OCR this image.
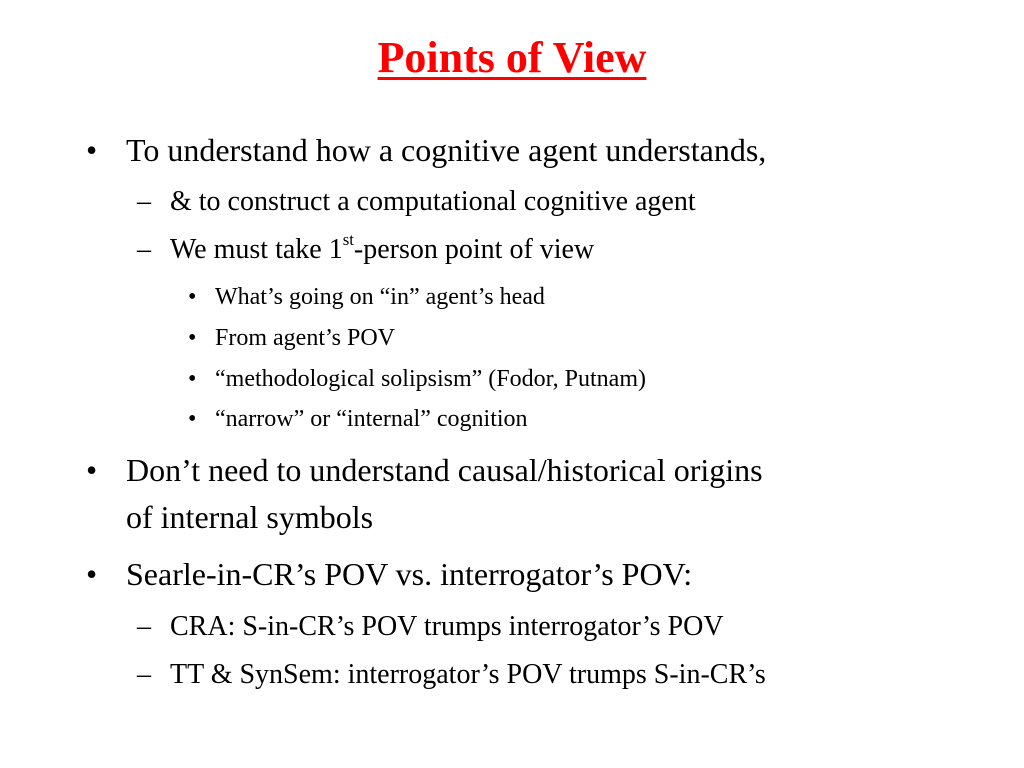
Points of View
• To understand how a cognitive agent understands,
– & to construct a computational cognitive agent
– We must take 1st-person point of view
• What’s going on “in” agent’s head
• From agent’s POV
• “methodological solipsism” (Fodor, Putnam)
• “narrow” or “internal” cognition
• Don’t need to understand causal/historical origins
of internal symbols
• Searle-in-CR’s POV vs. interrogator’s POV:
– CRA: S-in-CR’s POV trumps interrogator’s POV
– TT & SynSem: interrogator’s POV trumps S-in-CR’s
